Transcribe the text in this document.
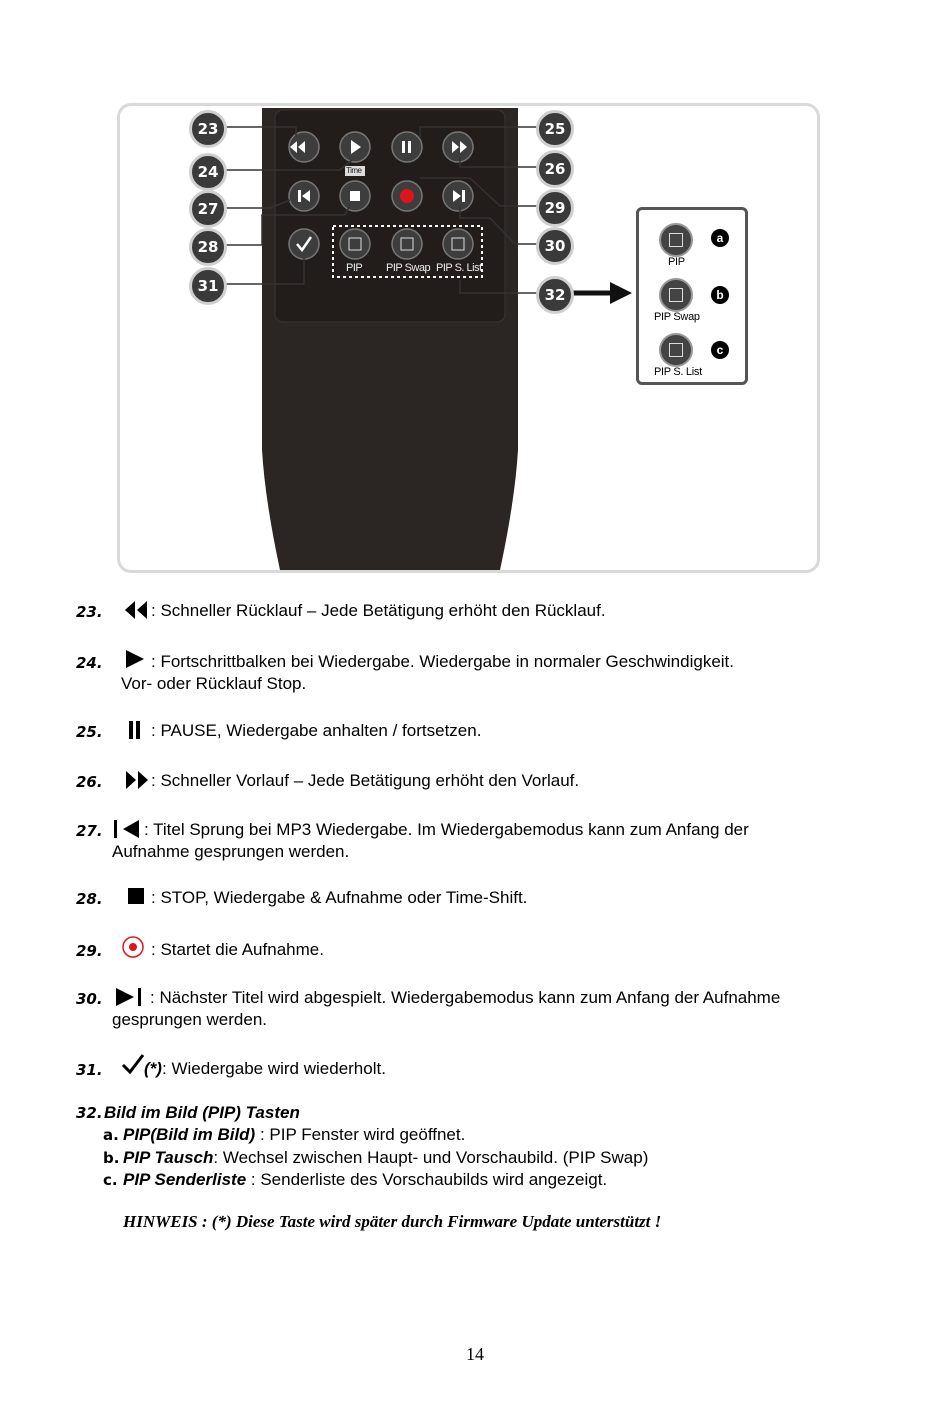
23
24
25
26
27
28
29
30
31	32
Time
PIP PIP Swap PIP S. List	PIP
a
PIP Swap
b
PIP S. List
c
23.	: Schneller Rücklauf – Jede Betätigung erhöht den Rücklauf.
24.	: Fortschrittbalken bei Wiedergabe. Wiedergabe in normaler Geschwindigkeit.
Vor- oder Rücklauf Stop.
25.	: PAUSE, Wiedergabe anhalten / fortsetzen.
26.	: Schneller Vorlauf – Jede Betätigung erhöht den Vorlauf.
27. : Titel Sprung bei MP3 Wiedergabe. Im Wiedergabemodus kann zum Anfang der
Aufnahme gesprungen werden.
28.	: STOP, Wiedergabe & Aufnahme oder Time-Shift.
29.	: Startet die Aufnahme.
30.	: Nächster Titel wird abgespielt. Wiedergabemodus kann zum Anfang der Aufnahme
gesprungen werden.
31. (*) : Wiedergabe wird wiederholt.
32. Bild im Bild (PIP) Tasten
a. PIP(Bild im Bild) : PIP Fenster wird geöffnet.
b. PIP Tausch: Wechsel zwischen Haupt- und Vorschaubild. (PIP Swap)
c. PIP Senderliste : Senderliste des Vorschaubilds wird angezeigt.
HINWEIS : (*) Diese Taste wird später durch Firmware Update unterstützt !
14
